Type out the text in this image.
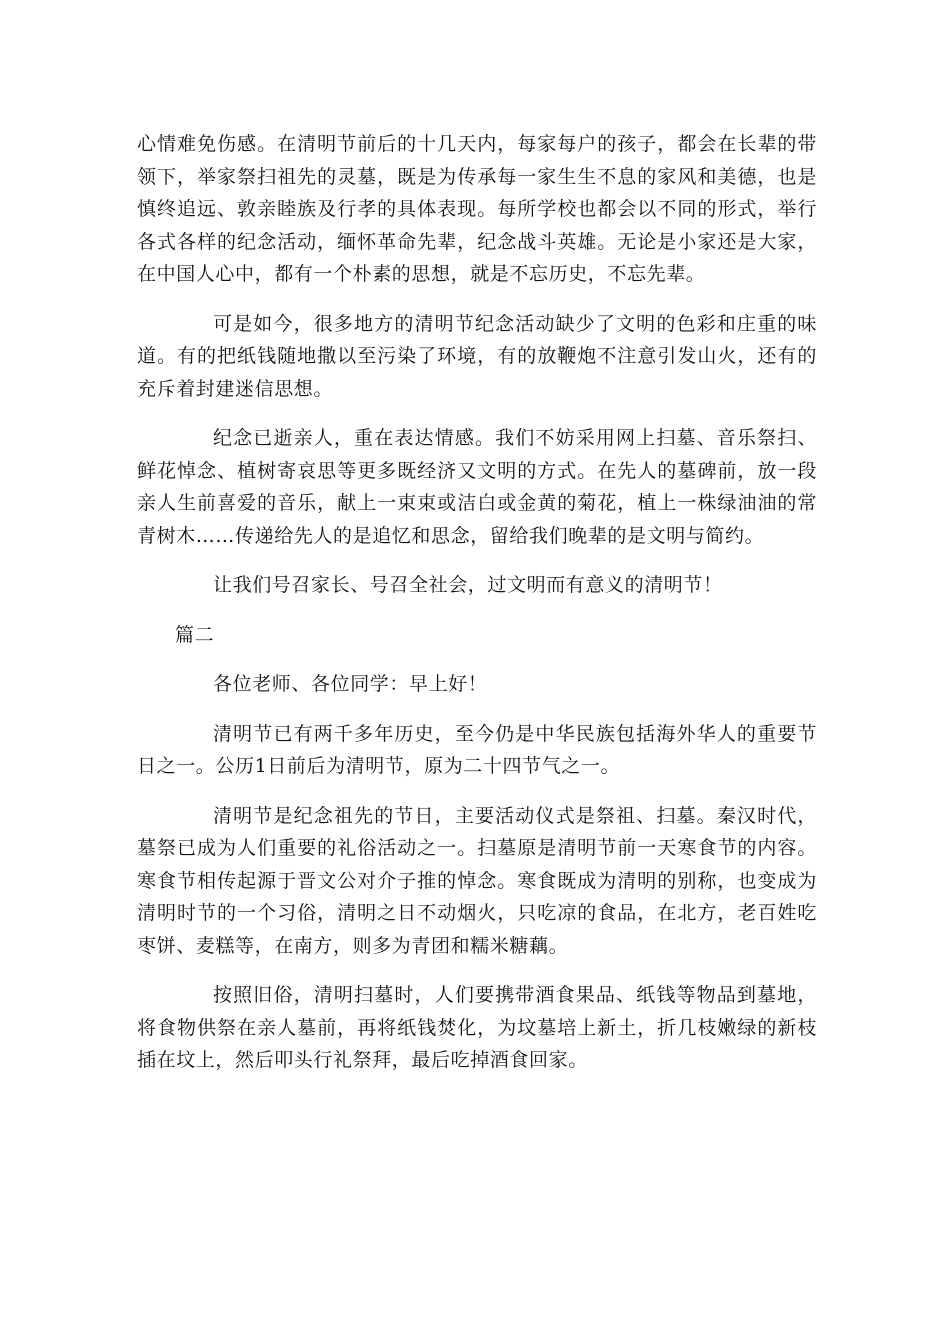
心情难免伤感。在清明节前后的十几天内，每家每户的孩子，都会在长辈的带领下，举家祭扫祖先的灵墓，既是为传承每一家生生不息的家风和美德，也是慎终追远、敦亲睦族及行孝的具体表现。每所学校也都会以不同的形式，举行各式各样的纪念活动，缅怀革命先辈，纪念战斗英雄。无论是小家还是大家，在中国人心中，都有一个朴素的思想，就是不忘历史，不忘先辈。

可是如今，很多地方的清明节纪念活动缺少了文明的色彩和庄重的味道。有的把纸钱随地撒以至污染了环境，有的放鞭炮不注意引发山火，还有的充斥着封建迷信思想。

纪念已逝亲人，重在表达情感。我们不妨采用网上扫墓、音乐祭扫、鲜花悼念、植树寄哀思等更多既经济又文明的方式。在先人的墓碑前，放一段亲人生前喜爱的音乐，献上一束束或洁白或金黄的菊花，植上一株绿油油的常青树木……传递给先人的是追忆和思念，留给我们晚辈的是文明与简约。

让我们号召家长、号召全社会，过文明而有意义的清明节！

篇二

各位老师、各位同学：早上好！

清明节已有两千多年历史，至今仍是中华民族包括海外华人的重要节日之一。公历1日前后为清明节，原为二十四节气之一。

清明节是纪念祖先的节日，主要活动仪式是祭祖、扫墓。秦汉时代，墓祭已成为人们重要的礼俗活动之一。扫墓原是清明节前一天寒食节的内容。寒食节相传起源于晋文公对介子推的悼念。寒食既成为清明的别称，也变成为清明时节的一个习俗，清明之日不动烟火，只吃凉的食品，在北方，老百姓吃枣饼、麦糕等，在南方，则多为青团和糯米糖藕。

按照旧俗，清明扫墓时，人们要携带酒食果品、纸钱等物品到墓地，将食物供祭在亲人墓前，再将纸钱焚化，为坟墓培上新土，折几枝嫩绿的新枝插在坟上，然后叩头行礼祭拜，最后吃掉酒食回家。
